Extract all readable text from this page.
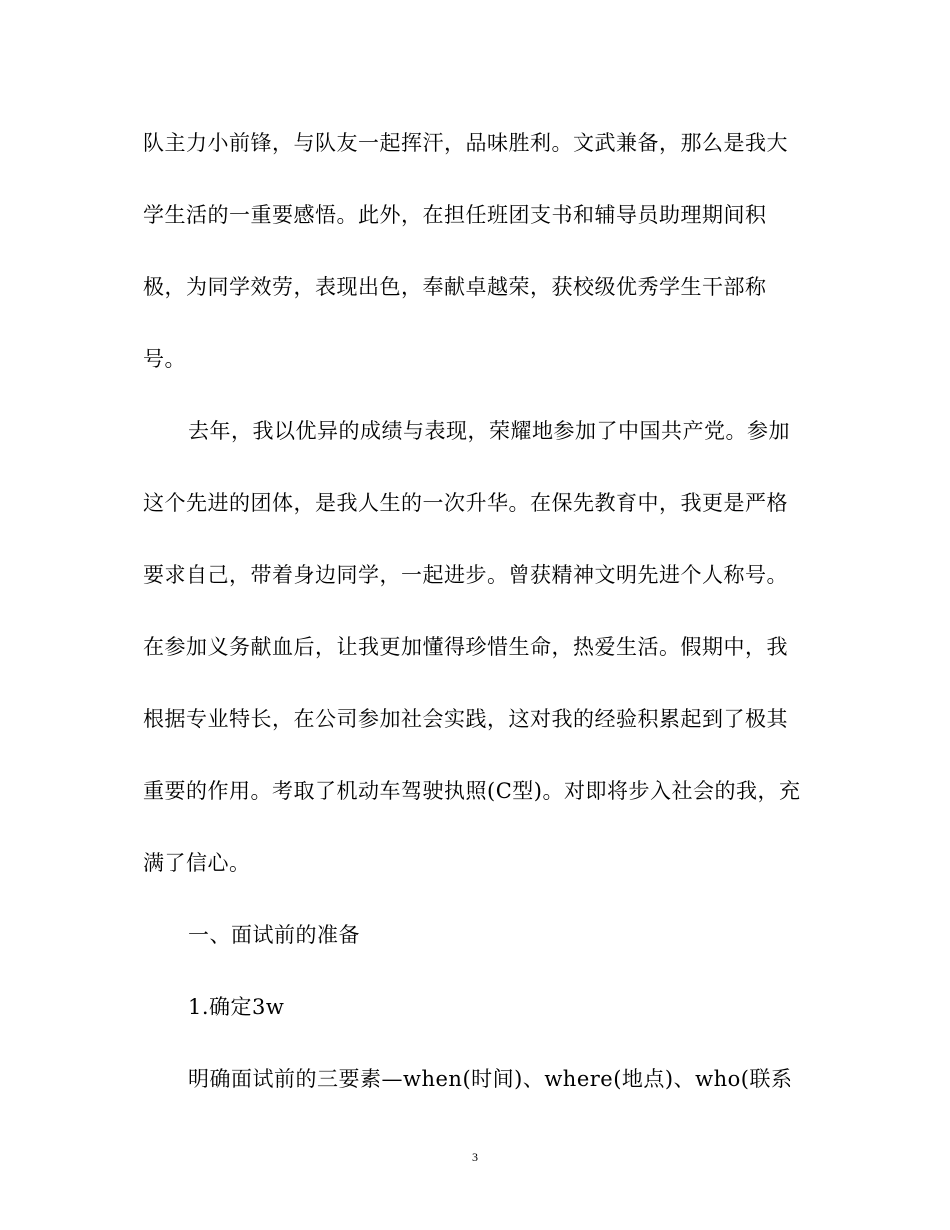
队主力小前锋，与队友一起挥汗，品味胜利。文武兼备，那么是我大
学生活的一重要感悟。此外，在担任班团支书和辅导员助理期间积
极，为同学效劳，表现出色，奉献卓越荣，获校级优秀学生干部称
号。
去年，我以优异的成绩与表现，荣耀地参加了中国共产党。参加
这个先进的团体，是我人生的一次升华。在保先教育中，我更是严格
要求自己，带着身边同学，一起进步。曾获精神文明先进个人称号。
在参加义务献血后，让我更加懂得珍惜生命，热爱生活。假期中，我
根据专业特长，在公司参加社会实践，这对我的经验积累起到了极其
重要的作用。考取了机动车驾驶执照(C型)。对即将步入社会的我，充
满了信心。
一、面试前的准备
1.确定3w
明确面试前的三要素—when(时间)、where(地点)、who(联系
3
